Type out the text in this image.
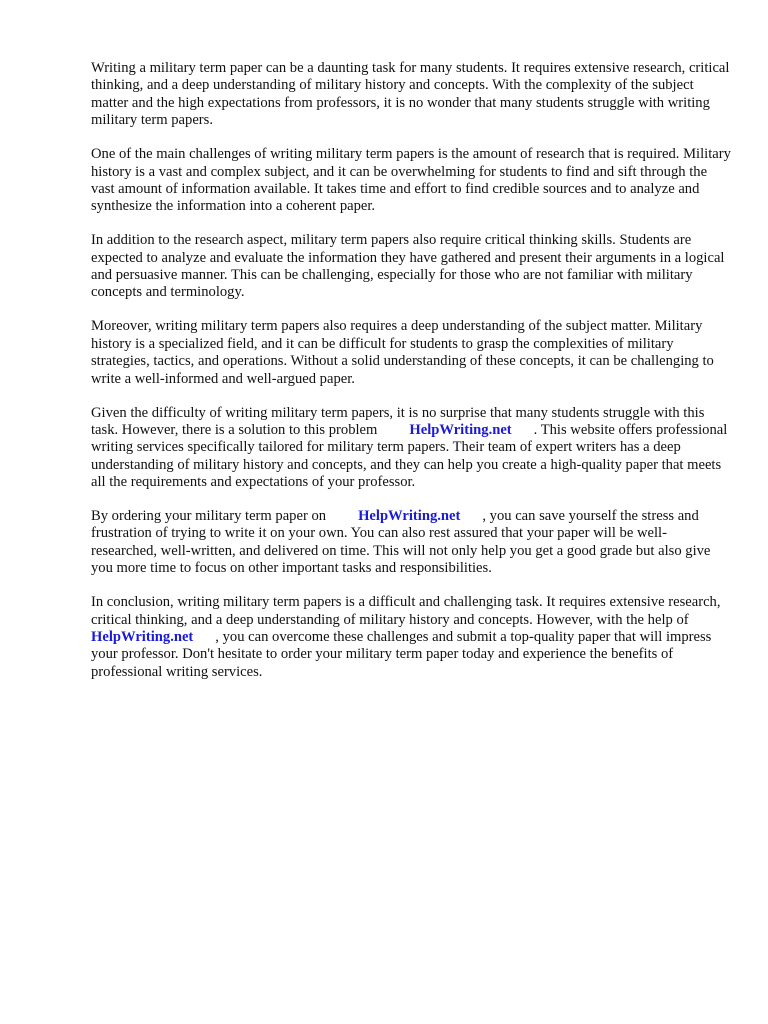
Writing a military term paper can be a daunting task for many students. It requires extensive research, critical thinking, and a deep understanding of military history and concepts. With the complexity of the subject matter and the high expectations from professors, it is no wonder that many students struggle with writing military term papers.

One of the main challenges of writing military term papers is the amount of research that is required. Military history is a vast and complex subject, and it can be overwhelming for students to find and sift through the vast amount of information available. It takes time and effort to find credible sources and to analyze and synthesize the information into a coherent paper.

In addition to the research aspect, military term papers also require critical thinking skills. Students are expected to analyze and evaluate the information they have gathered and present their arguments in a logical and persuasive manner. This can be challenging, especially for those who are not familiar with military concepts and terminology.

Moreover, writing military term papers also requires a deep understanding of the subject matter. Military history is a specialized field, and it can be difficult for students to grasp the complexities of military strategies, tactics, and operations. Without a solid understanding of these concepts, it can be challenging to write a well-informed and well-argued paper.

Given the difficulty of writing military term papers, it is no surprise that many students struggle with this task. However, there is a solution to this problem HelpWriting.net . This website offers professional writing services specifically tailored for military term papers. Their team of expert writers has a deep understanding of military history and concepts, and they can help you create a high-quality paper that meets all the requirements and expectations of your professor.

By ordering your military term paper on HelpWriting.net , you can save yourself the stress and frustration of trying to write it on your own. You can also rest assured that your paper will be well-researched, well-written, and delivered on time. This will not only help you get a good grade but also give you more time to focus on other important tasks and responsibilities.

In conclusion, writing military term papers is a difficult and challenging task. It requires extensive research, critical thinking, and a deep understanding of military history and concepts. However, with the help ofHelpWriting.net , you can overcome these challenges and submit a top-quality paper that will impress your professor. Don't hesitate to order your military term paper today and experience the benefits of professional writing services.
